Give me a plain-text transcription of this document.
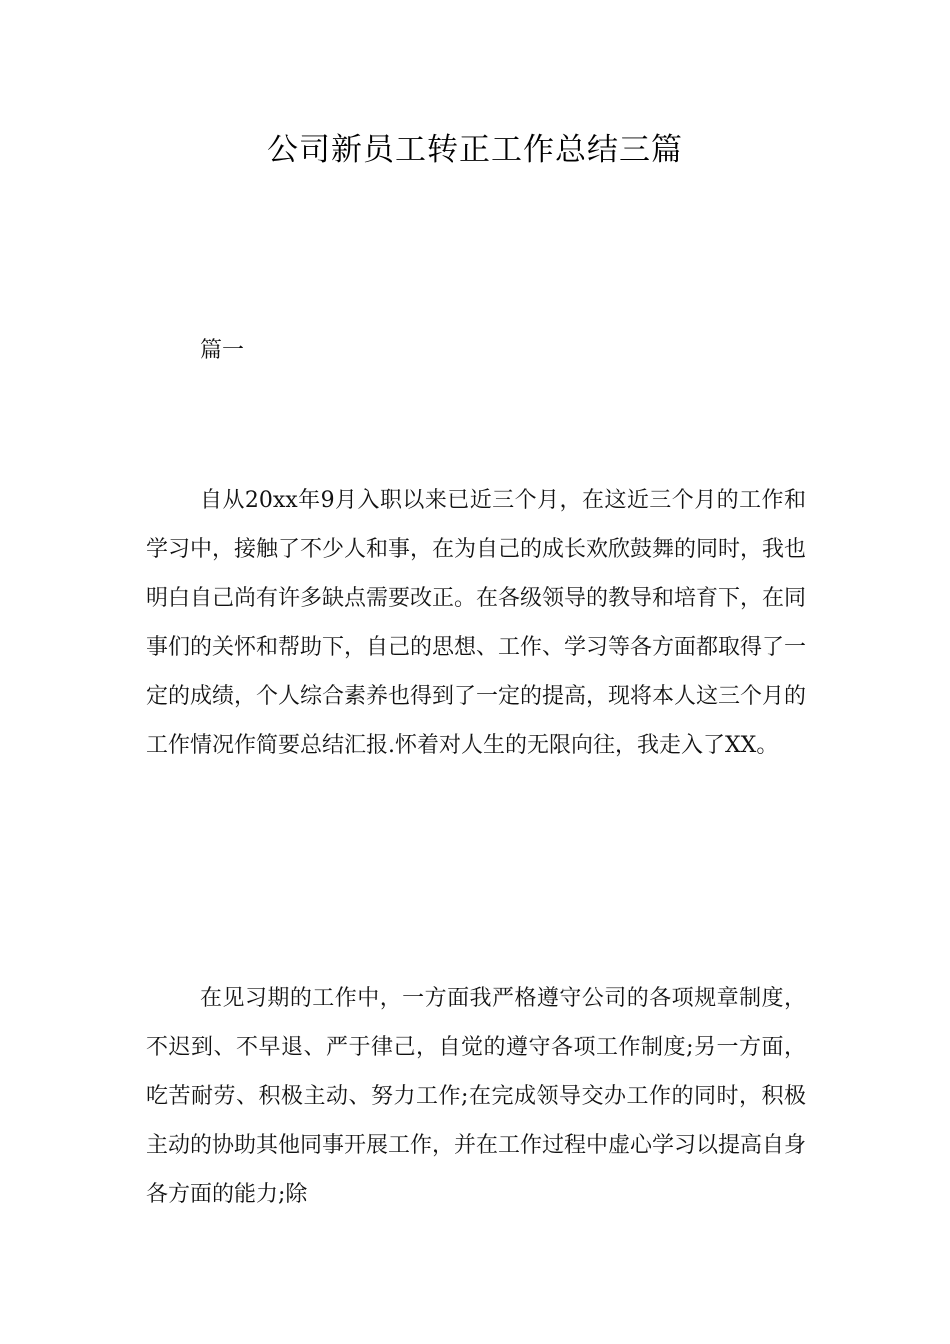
公司新员工转正工作总结三篇
篇一

自从20xx年9月入职以来已近三个月，在这近三个月的工作和学习中，接触了不少人和事，在为自己的成长欢欣鼓舞的同时，我也明白自己尚有许多缺点需要改正。在各级领导的教导和培育下，在同事们的关怀和帮助下，自己的思想、工作、学习等各方面都取得了一定的成绩，个人综合素养也得到了一定的提高，现将本人这三个月的工作情况作简要总结汇报.怀着对人生的无限向往，我走入了XX。

在见习期的工作中，一方面我严格遵守公司的各项规章制度，不迟到、不早退、严于律己，自觉的遵守各项工作制度;另一方面，吃苦耐劳、积极主动、努力工作;在完成领导交办工作的同时，积极主动的协助其他同事开展工作，并在工作过程中虚心学习以提高自身各方面的能力;除
